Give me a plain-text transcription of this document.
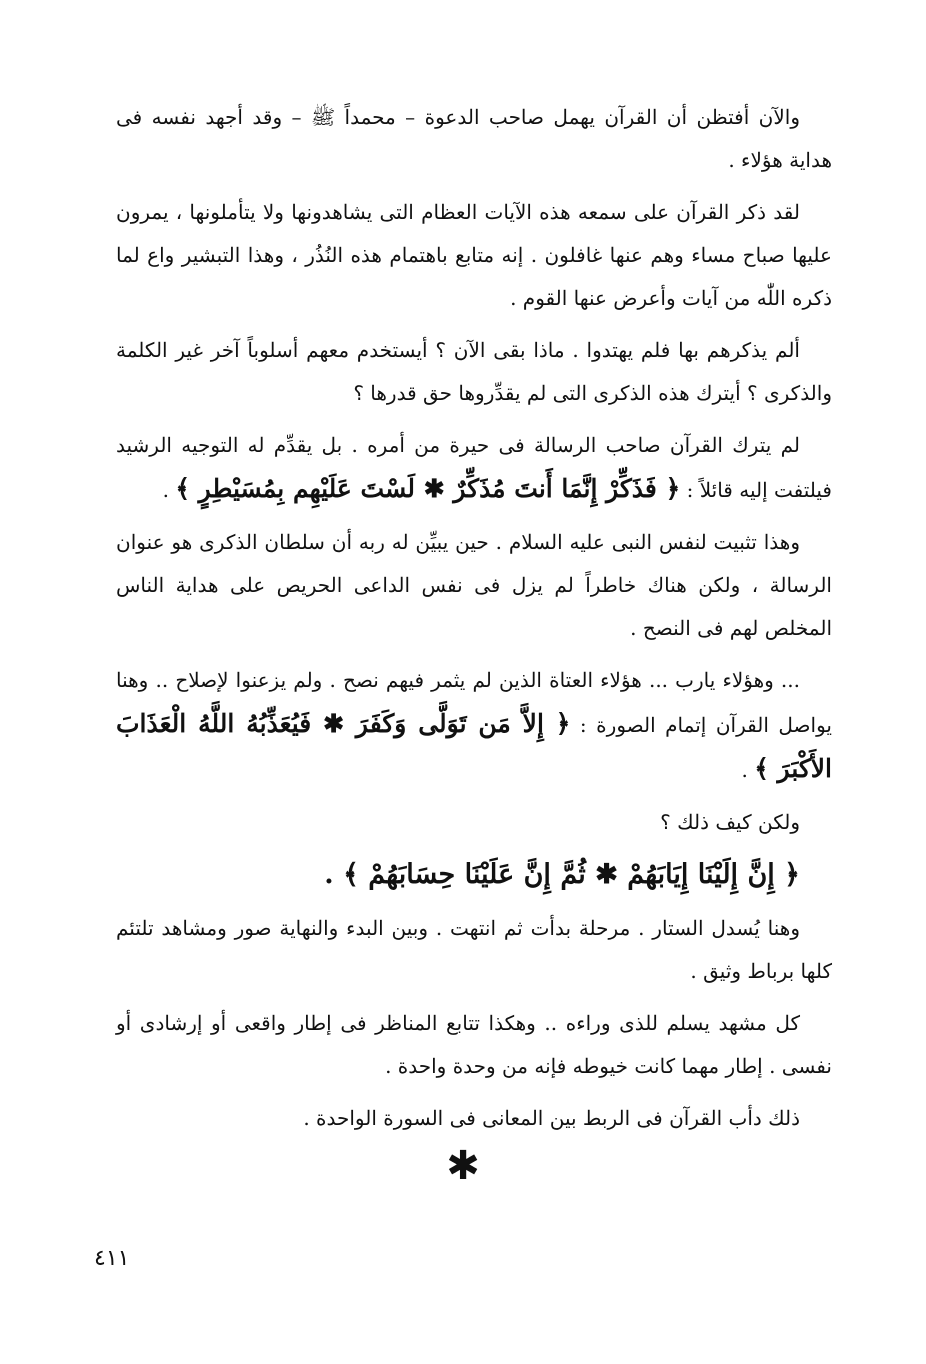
والآن أفتظن أن القرآن يهمل صاحب الدعوة – محمداً ﷺ – وقد أجهد نفسه فى هداية هؤلاء .

لقد ذكر القرآن على سمعه هذه الآيات العظام التى يشاهدونها ولا يتأملونها ، يمرون عليها صباح مساء وهم عنها غافلون . إنه متابع باهتمام هذه النُذُر ، وهذا التبشير واع لما ذكره اللّٰه من آيات وأعرض عنها القوم .

ألم يذكرهم بها فلم يهتدوا . ماذا بقى الآن ؟ أيستخدم معهم أسلوباً آخر غير الكلمة والذكرى ؟ أيترك هذه الذكرى التى لم يقدِّروها حق قدرها ؟

لم يترك القرآن صاحب الرسالة فى حيرة من أمره . بل يقدِّم له التوجيه الرشيد فيلتفت إليه قائلاً : ﴿ فَذَكِّرْ إِنَّمَا أَنتَ مُذَكِّرٌ ✱ لَسْتَ عَلَيْهِم بِمُسَيْطِرٍ ﴾ .

وهذا تثبيت لنفس النبى عليه السلام . حين يبيِّن له ربه أن سلطان الذكرى هو عنوان الرسالة ، ولكن هناك خاطراً لم يزل فى نفس الداعى الحريص على هداية الناس المخلص لهم فى النصح .

... وهؤلاء يارب ... هؤلاء العتاة الذين لم يثمر فيهم نصح . ولم يزعنوا لإصلاح .. وهنا يواصل القرآن إتمام الصورة : ﴿ إِلاَّ مَن تَوَلَّى وَكَفَرَ ✱ فَيُعَذِّبُهُ اللَّهُ الْعَذَابَ الأَكْبَرَ ﴾ .

ولكن كيف ذلك ؟

﴿ إِنَّ إِلَيْنَا إِيَابَهُمْ ✱ ثُمَّ إِنَّ عَلَيْنَا حِسَابَهُمْ ﴾ .

وهنا يُسدل الستار . مرحلة بدأت ثم انتهت . وبين البدء والنهاية صور ومشاهد تلتئم كلها برباط وثيق .

كل مشهد يسلم للذى وراءه .. وهكذا تتابع المناظر فى إطار واقعى أو إرشادى أو نفسى . إطار مهما كانت خيوطه فإنه من وحدة واحدة .

ذلك دأب القرآن فى الربط بين المعانى فى السورة الواحدة .

✱
٤١١
